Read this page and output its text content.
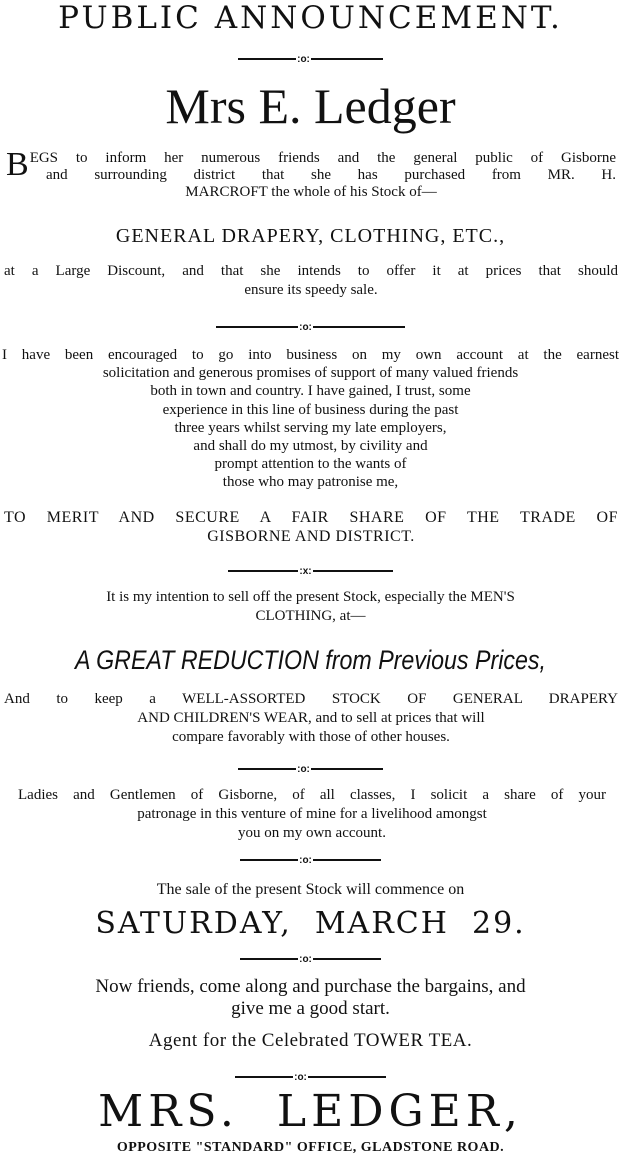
PUBLIC ANNOUNCEMENT.
:o:
Mrs E. Ledger
B EGS to inform her numerous friends and the general public of Gisborne
and surrounding district that she has purchased from MR. H.
MARCROFT the whole of his Stock of—
GENERAL DRAPERY, CLOTHING, ETC.,
at a Large Discount, and that she intends to offer it at prices that should
ensure its speedy sale.
:o:
I have been encouraged to go into business on my own account at the earnest
solicitation and generous promises of support of many valued friends
both in town and country. I have gained, I trust, some
experience in this line of business during the past
three years whilst serving my late employers,
and shall do my utmost, by civility and
prompt attention to the wants of
those who may patronise me,
TO MERIT AND SECURE A FAIR SHARE OF THE TRADE OF
GISBORNE AND DISTRICT.
:x:
It is my intention to sell off the present Stock, especially the MEN'S
CLOTHING, at—
A GREAT REDUCTION from Previous Prices,
And to keep a WELL-ASSORTED STOCK OF GENERAL DRAPERY
AND CHILDREN'S WEAR, and to sell at prices that will
compare favorably with those of other houses.
:o:
Ladies and Gentlemen of Gisborne, of all classes, I solicit a share of your
patronage in this venture of mine for a livelihood amongst
you on my own account.
:o:
The sale of the present Stock will commence on
SATURDAY,  MARCH  29.
:o:
Now friends, come along and purchase the bargains, and
give me a good start.
Agent for the Celebrated TOWER TEA.
:o:
MRS.  LEDGER,
OPPOSITE "STANDARD" OFFICE, GLADSTONE ROAD.
